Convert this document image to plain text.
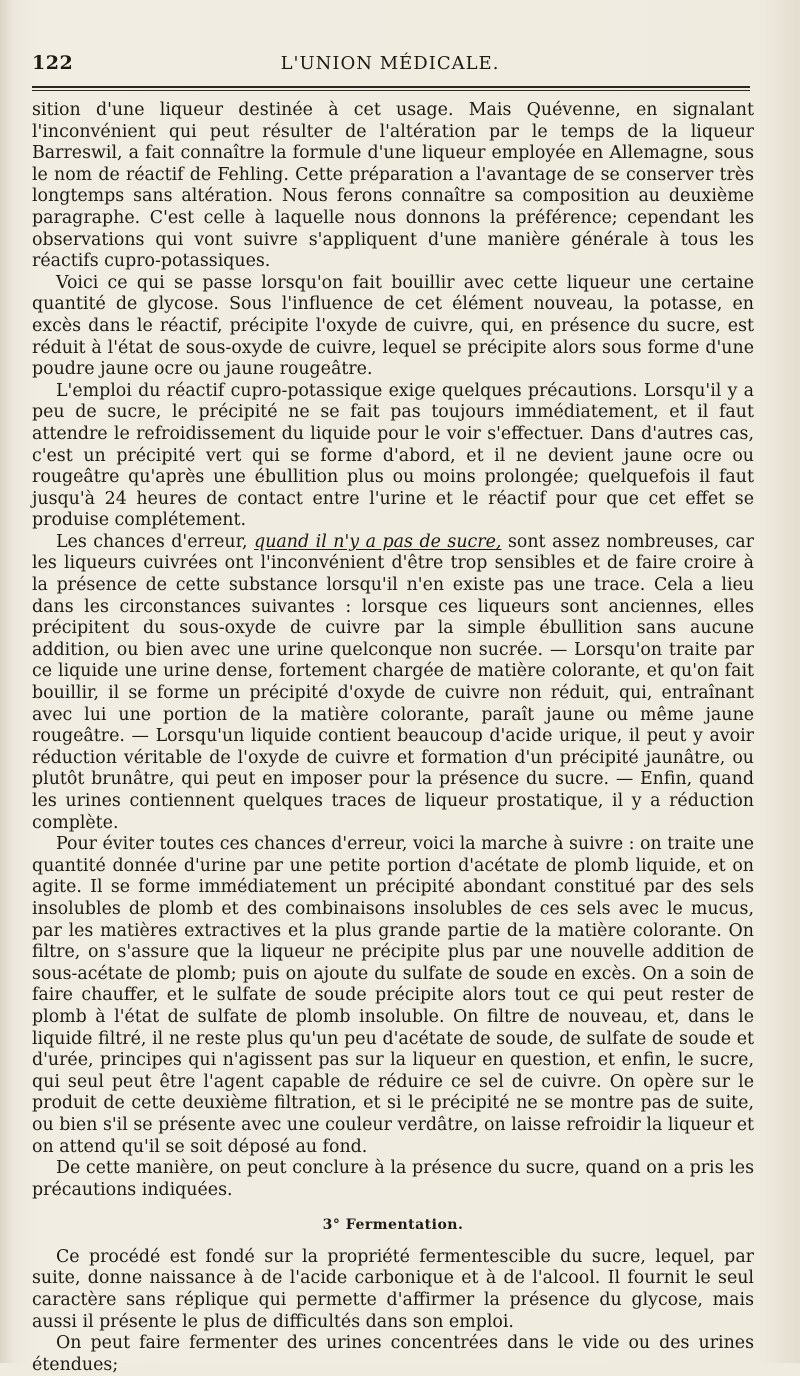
122	L'UNION MÉDICALE.

sition d'une liqueur destinée à cet usage. Mais Quévenne, en signalant l'inconvénient qui peut résulter de l'altération par le temps de la liqueur Barreswil, a fait connaître la formule d'une liqueur employée en Allemagne, sous le nom de réactif de Fehling. Cette préparation a l'avantage de se conserver très longtemps sans altération. Nous ferons connaître sa composition au deuxième paragraphe. C'est celle à laquelle nous donnons la préférence; cependant les observations qui vont suivre s'appliquent d'une manière générale à tous les réactifs cupro-potassiques.

Voici ce qui se passe lorsqu'on fait bouillir avec cette liqueur une certaine quantité de glycose. Sous l'influence de cet élément nouveau, la potasse, en excès dans le réactif, précipite l'oxyde de cuivre, qui, en présence du sucre, est réduit à l'état de sous-oxyde de cuivre, lequel se précipite alors sous forme d'une poudre jaune ocre ou jaune rougeâtre.

L'emploi du réactif cupro-potassique exige quelques précautions. Lorsqu'il y a peu de sucre, le précipité ne se fait pas toujours immédiatement, et il faut attendre le refroidissement du liquide pour le voir s'effectuer. Dans d'autres cas, c'est un précipité vert qui se forme d'abord, et il ne devient jaune ocre ou rougeâtre qu'après une ébullition plus ou moins prolongée; quelquefois il faut jusqu'à 24 heures de contact entre l'urine et le réactif pour que cet effet se produise complétement.

Les chances d'erreur, quand il n'y a pas de sucre, sont assez nombreuses, car les liqueurs cuivrées ont l'inconvénient d'être trop sensibles et de faire croire à la présence de cette substance lorsqu'il n'en existe pas une trace. Cela a lieu dans les circonstances suivantes : lorsque ces liqueurs sont anciennes, elles précipitent du sous-oxyde de cuivre par la simple ébullition sans aucune addition, ou bien avec une urine quelconque non sucrée. — Lorsqu'on traite par ce liquide une urine dense, fortement chargée de matière colorante, et qu'on fait bouillir, il se forme un précipité d'oxyde de cuivre non réduit, qui, entraînant avec lui une portion de la matière colorante, paraît jaune ou même jaune rougeâtre. — Lorsqu'un liquide contient beaucoup d'acide urique, il peut y avoir réduction véritable de l'oxyde de cuivre et formation d'un précipité jaunâtre, ou plutôt brunâtre, qui peut en imposer pour la présence du sucre. — Enfin, quand les urines contiennent quelques traces de liqueur prostatique, il y a réduction complète.

Pour éviter toutes ces chances d'erreur, voici la marche à suivre : on traite une quantité donnée d'urine par une petite portion d'acétate de plomb liquide, et on agite. Il se forme immédiatement un précipité abondant constitué par des sels insolubles de plomb et des combinaisons insolubles de ces sels avec le mucus, par les matières extractives et la plus grande partie de la matière colorante. On filtre, on s'assure que la liqueur ne précipite plus par une nouvelle addition de sous-acétate de plomb; puis on ajoute du sulfate de soude en excès. On a soin de faire chauffer, et le sulfate de soude précipite alors tout ce qui peut rester de plomb à l'état de sulfate de plomb insoluble. On filtre de nouveau, et, dans le liquide filtré, il ne reste plus qu'un peu d'acétate de soude, de sulfate de soude et d'urée, principes qui n'agissent pas sur la liqueur en question, et enfin, le sucre, qui seul peut être l'agent capable de réduire ce sel de cuivre. On opère sur le produit de cette deuxième filtration, et si le précipité ne se montre pas de suite, ou bien s'il se présente avec une couleur verdâtre, on laisse refroidir la liqueur et on attend qu'il se soit déposé au fond.

De cette manière, on peut conclure à la présence du sucre, quand on a pris les précautions indiquées.

3° Fermentation.

Ce procédé est fondé sur la propriété fermentescible du sucre, lequel, par suite, donne naissance à de l'acide carbonique et à de l'alcool. Il fournit le seul caractère sans réplique qui permette d'affirmer la présence du glycose, mais aussi il présente le plus de difficultés dans son emploi.

On peut faire fermenter des urines concentrées dans le vide ou des urines étendues;
